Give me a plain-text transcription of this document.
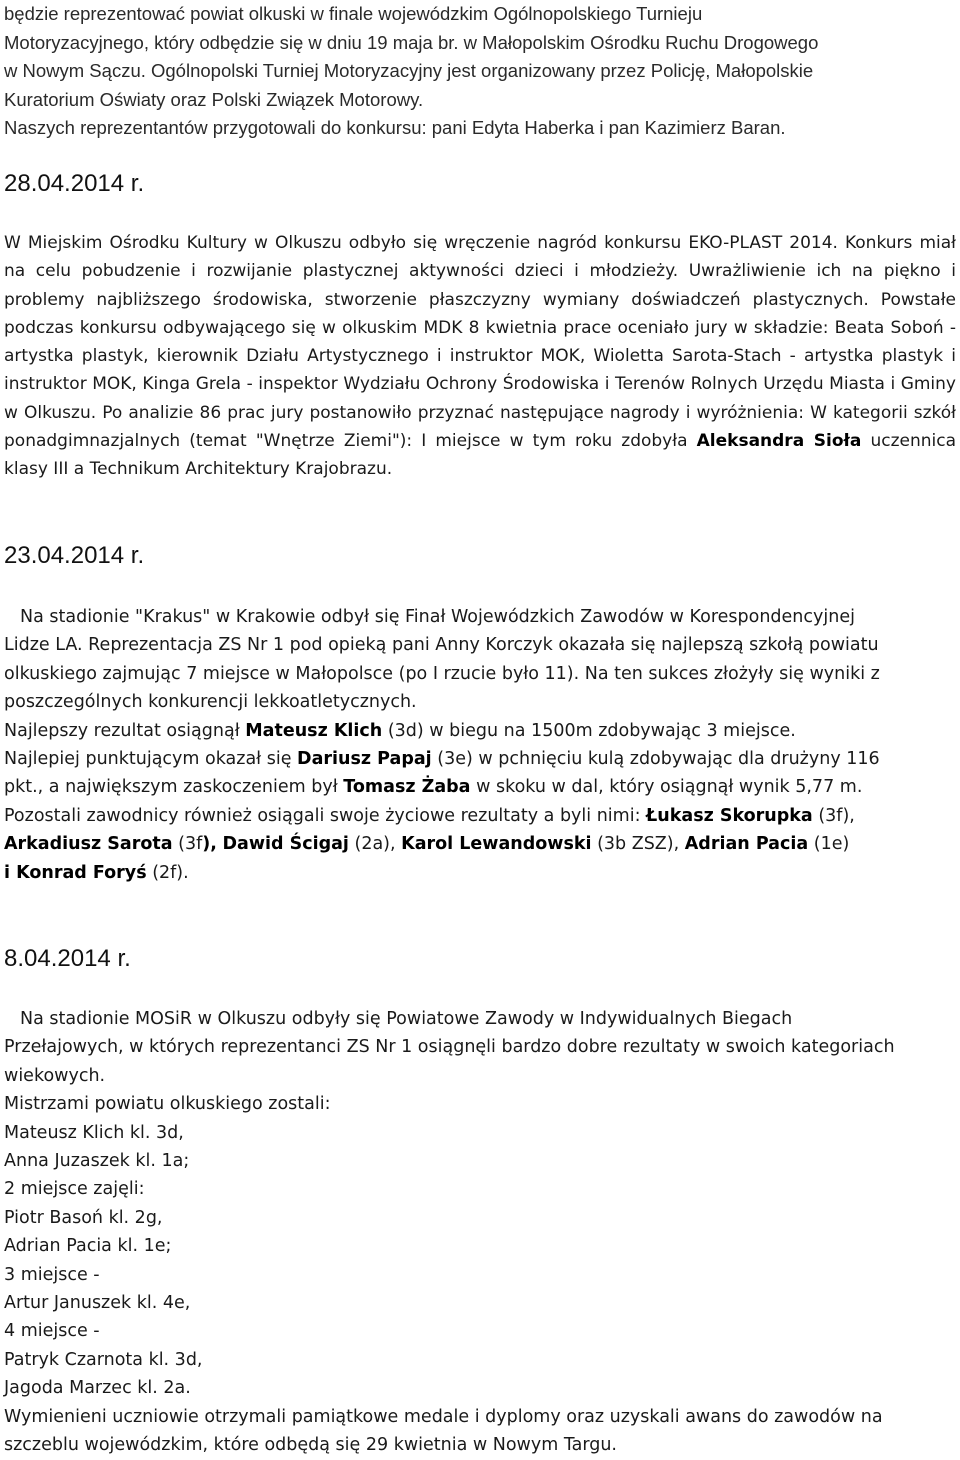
będzie reprezentować powiat olkuski w finale wojewódzkim Ogólnopolskiego Turnieju
Motoryzacyjnego, który odbędzie się w dniu 19 maja br. w Małopolskim Ośrodku Ruchu Drogowego
w Nowym Sączu. Ogólnopolski Turniej Motoryzacyjny jest organizowany przez Policję, Małopolskie
Kuratorium Oświaty oraz Polski Związek Motorowy.
Naszych reprezentantów przygotowali do konkursu: pani Edyta Haberka i pan Kazimierz Baran.

28.04.2014 r.

W Miejskim Ośrodku Kultury w Olkuszu odbyło się wręczenie nagród konkursu EKO-PLAST 2014. Konkurs miał na celu pobudzenie i rozwijanie plastycznej aktywności dzieci i młodzieży. Uwrażliwienie ich na piękno i problemy najbliższego środowiska, stworzenie płaszczyzny wymiany doświadczeń plastycznych. Powstałe podczas konkursu odbywającego się w olkuskim MDK 8 kwietnia prace oceniało jury w składzie: Beata Soboń - artystka plastyk, kierownik Działu Artystycznego i instruktor MOK, Wioletta Sarota-Stach - artystka plastyk i instruktor MOK, Kinga Grela - inspektor Wydziału Ochrony Środowiska i Terenów Rolnych Urzędu Miasta i Gminy w Olkuszu. Po analizie 86 prac jury postanowiło przyznać następujące nagrody i wyróżnienia: W kategorii szkół ponadgimnazjalnych (temat "Wnętrze Ziemi"): I miejsce w tym roku zdobyła Aleksandra Sioła uczennica klasy III a Technikum Architektury Krajobrazu.

23.04.2014 r.

Na stadionie "Krakus" w Krakowie odbył się Finał Wojewódzkich Zawodów w Korespondencyjnej
Lidze LA. Reprezentacja ZS Nr 1 pod opieką pani Anny Korczyk okazała się najlepszą szkołą powiatu
olkuskiego zajmując 7 miejsce w Małopolsce (po I rzucie było 11). Na ten sukces złożyły się wyniki z
poszczególnych konkurencji lekkoatletycznych.
Najlepszy rezultat osiągnął Mateusz Klich (3d) w biegu na 1500m zdobywając 3 miejsce.
Najlepiej punktującym okazał się Dariusz Papaj (3e) w pchnięciu kulą zdobywając dla drużyny 116
pkt., a największym zaskoczeniem był Tomasz Żaba w skoku w dal, który osiągnął wynik 5,77 m.
Pozostali zawodnicy również osiągali swoje życiowe rezultaty a byli nimi: Łukasz Skorupka (3f),
Arkadiusz Sarota (3f), Dawid Ścigaj (2a), Karol Lewandowski (3b ZSZ), Adrian Pacia (1e)
i Konrad Foryś (2f).

8.04.2014 r.

Na stadionie MOSiR w Olkuszu odbyły się Powiatowe Zawody w Indywidualnych Biegach
Przełajowych, w których reprezentanci ZS Nr 1 osiągnęli bardzo dobre rezultaty w swoich kategoriach
wiekowych.
Mistrzami powiatu olkuskiego zostali:
Mateusz Klich kl. 3d,
Anna Juzaszek kl. 1a;
2 miejsce zajęli:
Piotr Basoń kl. 2g,
Adrian Pacia kl. 1e;
3 miejsce -
Artur Januszek kl. 4e,
4 miejsce -
Patryk Czarnota kl. 3d,
Jagoda Marzec kl. 2a.
Wymienieni uczniowie otrzymali pamiątkowe medale i dyplomy oraz uzyskali awans do zawodów na
szczeblu wojewódzkim, które odbędą się 29 kwietnia w Nowym Targu.
